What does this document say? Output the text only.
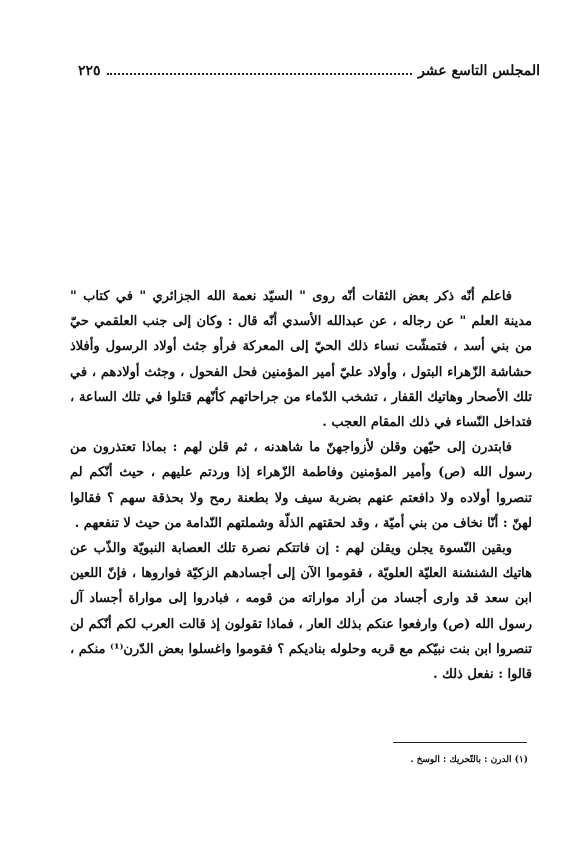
المجلس التاسع عشر
٢٢٥

فاعلم أنّه ذكر بعض الثقات أنّه روى " السيّد نعمة الله الجزائري " في كتاب " مدينة العلم " عن رجاله ، عن عبدالله الأسدي أنّه قال : وكان إلى جنب العلقمي حيّ من بني أسد ، فتمشّت نساء ذلك الحيّ إلى المعركة فرأو جثث أولاد الرسول وأفلاذ حشاشة الزّهراء البتول ، وأولاد عليّ أمير المؤمنين فحل الفحول ، وجثث أولادهم ، في تلك الأصحار وهاتيك القفار ، تشخب الدّماء من جراحاتهم كأنّهم قتلوا في تلك الساعة ، فتداخل النّساء في ذلك المقام العجب .

فابتدرن إلى حيّهن وقلن لأزواجهنّ ما شاهدنه ، ثم قلن لهم : بماذا تعتذرون من رسول الله (ص) وأمير المؤمنين وفاطمة الزّهراء إذا وردتم عليهم ، حيث أنّكم لم تنصروا أولاده ولا دافعتم عنهم بضربة سيف ولا بطعنة رمح ولا بحذقة سهم ؟ فقالوا لهنّ : أنّا نخاف من بني أميّة ، وقد لحقتهم الذلّة وشملتهم النّدامة من حيث لا تنفعهم .

وبقين النّسوة يجلن ويقلن لهم : إن فاتتكم نصرة تلك العصابة النبويّة والذّب عن هاتيك الشنشنة العليّة العلويّة ، فقوموا الآن إلى أجسادهم الزكيّة فواروها ، فإنّ اللعين ابن سعد قد وارى أجساد من أراد مواراته من قومه ، فبادروا إلى مواراة أجساد آل رسول الله (ص) وارفعوا عنكم بذلك العار ، فماذا تقولون إذ قالت العرب لكم أنّكم لن تنصروا ابن بنت نبيّكم مع قربه وحلوله بناديكم ؟ فقوموا واغسلوا بعض الدّرن⁽¹⁾ منكم ، قالوا : نفعل ذلك .

(١) الدرن : بالتّحريك : الوسخ .
